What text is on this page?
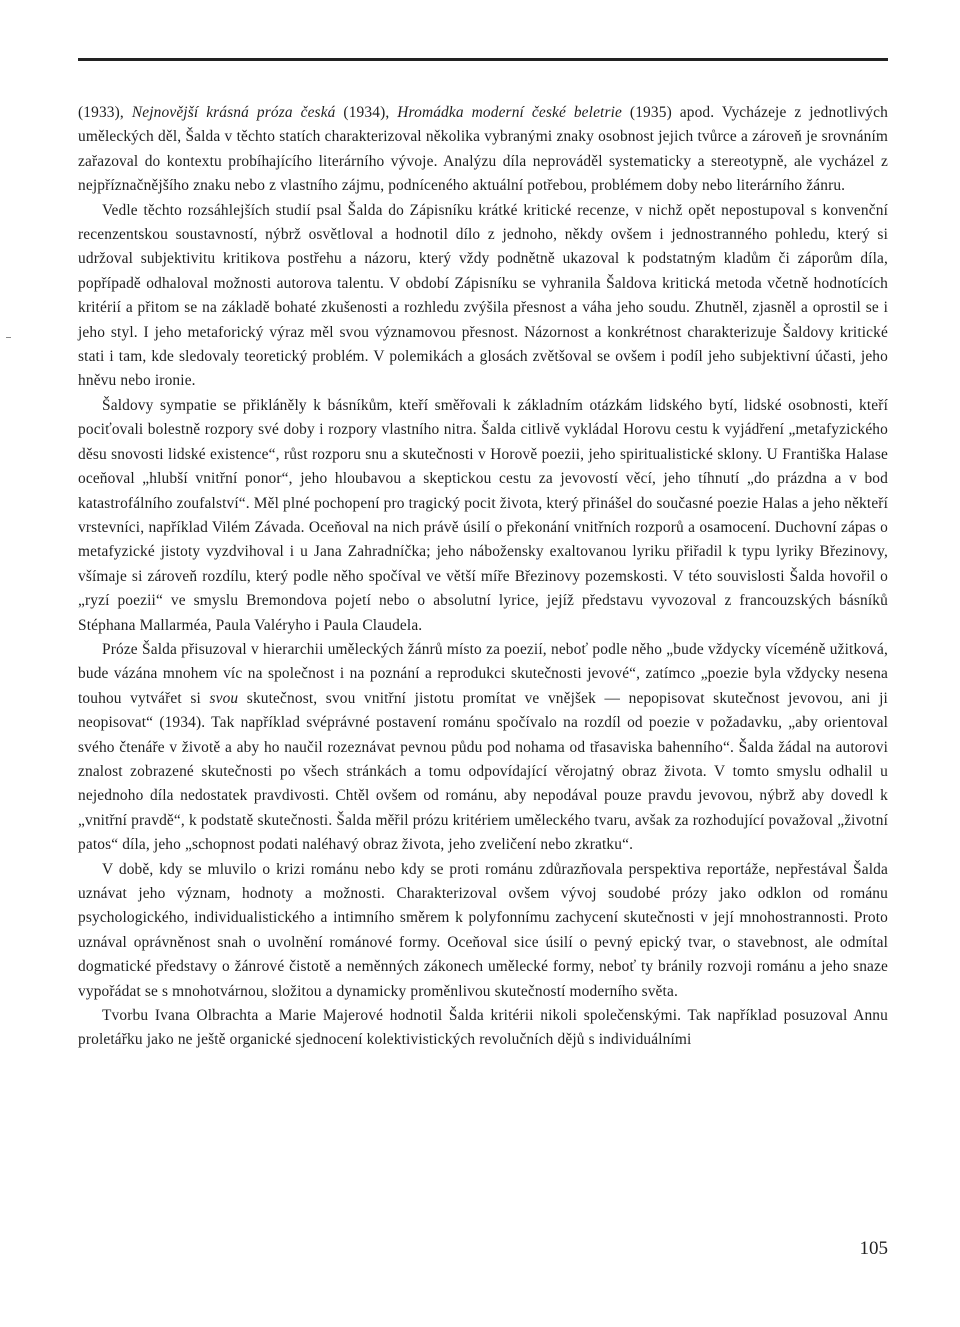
(1933), Nejnovější krásná próza česká (1934), Hromádka moderní české beletrie (1935) apod. Vycházeje z jednotlivých uměleckých děl, Šalda v těchto statích charakterizoval několika vybranými znaky osobnost jejich tvůrce a zároveň je srovnáním zařazoval do kontextu probíhajícího literárního vývoje. Analýzu díla neprováděl systematicky a stereotypně, ale vycházel z nejpříznačnějšího znaku nebo z vlastního zájmu, podníceného aktuální potřebou, problémem doby nebo literárního žánru.

Vedle těchto rozsáhlejších studií psal Šalda do Zápisníku krátké kritické recenze, v nichž opět nepostupoval s konvenční recenzentskou soustavností, nýbrž osvětloval a hodnotil dílo z jednoho, někdy ovšem i jednostranného pohledu, který si udržoval subjektivitu kritikova postřehu a názoru, který vždy podnětně ukazoval k podstatným kladům či záporům díla, popřípadě odhaloval možnosti autorova talentu. V období Zápisníku se vyhranila Šaldova kritická metoda včetně hodnotících kritérií a přitom se na základě bohaté zkušenosti a rozhledu zvýšila přesnost a váha jeho soudu. Zhutněl, zjasněl a oprostil se i jeho styl. I jeho metaforický výraz měl svou významovou přesnost. Názornost a konkrétnost charakterizuje Šaldovy kritické stati i tam, kde sledovaly teoretický problém. V polemikách a glosách zvětšoval se ovšem i podíl jeho subjektivní účasti, jeho hněvu nebo ironie.

Šaldovy sympatie se přikláněly k básníkům, kteří směřovali k základním otázkám lidského bytí, lidské osobnosti, kteří pociťovali bolestně rozpory své doby i rozpory vlastního nitra. Šalda citlivě vykládal Horovu cestu k vyjádření „metafyzického děsu snovosti lidské existence“, růst rozporu snu a skutečnosti v Horově poezii, jeho spiritualistické sklony. U Františka Halase oceňoval „hlubší vnitřní ponor“, jeho hloubavou a skeptickou cestu za jevovostí věcí, jeho tíhnutí „do prázdna a v bod katastrofálního zoufalství“. Měl plné pochopení pro tragický pocit života, který přinášel do současné poezie Halas a jeho někteří vrstevníci, například Vilém Závada. Oceňoval na nich právě úsilí o překonání vnitřních rozporů a osamocení. Duchovní zápas o metafyzické jistoty vyzdvihoval i u Jana Zahradníčka; jeho náboženskу exaltovanou lyriku přiřadil k typu lyriky Březinovy, všímaje si zároveň rozdílu, který podle něho spočíval ve větší míře Březinovy pozemskosti. V této souvislosti Šalda hovořil o „ryzí poezii“ ve smyslu Bremondova pojetí nebo o absolutní lyrice, jejíž představu vyvozoval z francouzských básníků Stéphana Mallarméa, Paula Valéryho i Paula Claudela.

Próze Šalda přisuzoval v hierarchii uměleckých žánrů místo za poezií, neboť podle něho „bude vždycky víceméně užitková, bude vázána mnohem víc na společnost i na poznání a reprodukci skutečnosti jevové“, zatímco „poezie byla vždycky nesena touhou vytvářet si svou skutečnost, svou vnitřní jistotu promítat ve vnějšek — nepopisovat skutečnost jevovou, ani ji neopisovat“ (1934). Tak například svéprávné postavení románu spočívalo na rozdíl od poezie v požadavku, „aby orientoval svého čtenáře v životě a aby ho naučil rozeznávat pevnou půdu pod nohama od třasaviska bahenního“. Šalda žádal na autorovi znalost zobrazené skutečnosti po všech stránkách a tomu odpovídající věrojatný obraz života. V tomto smyslu odhalil u nejednoho díla nedostatek pravdivosti. Chtěl ovšem od románu, aby nepodával pouze pravdu jevovou, nýbrž aby dovedl k „vnitřní pravdě“, k podstatě skutečnosti. Šalda měřil prózu kritériem uměleckého tvaru, avšak za rozhodující považoval „životní patos“ díla, jeho „schopnost podati naléhavý obraz života, jeho zveličení nebo zkratku“.

V době, kdy se mluvilo o krizi románu nebo kdy se proti románu zdůrazňovala perspektiva reportáže, nepřestával Šalda uznávat jeho význam, hodnoty a možnosti. Charakterizoval ovšem vývoj soudobé prózy jako odklon od románu psychologického, individualistického a intimního směrem k polyfonnímu zachycení skutečnosti v její mnohostrannosti. Proto uznával oprávněnost snah o uvolnění románové formy. Oceňoval sice úsilí o pevný epický tvar, o stavebnost, ale odmítal dogmatické představy o žánrové čistotě a neměnných zákonech umělecké formy, neboť ty bránily rozvoji románu a jeho snaze vypořádat se s mnohotvárnou, složitou a dynamicky proměnlivou skutečností moderního světa.

Tvorbu Ivana Olbrachta a Marie Majerové hodnotil Šalda kritérii nikoli společenskými. Tak například posuzoval Annu proletářku jako ne ještě organické sjednocení kolektivistických revolučních dějů s individuálními

105
